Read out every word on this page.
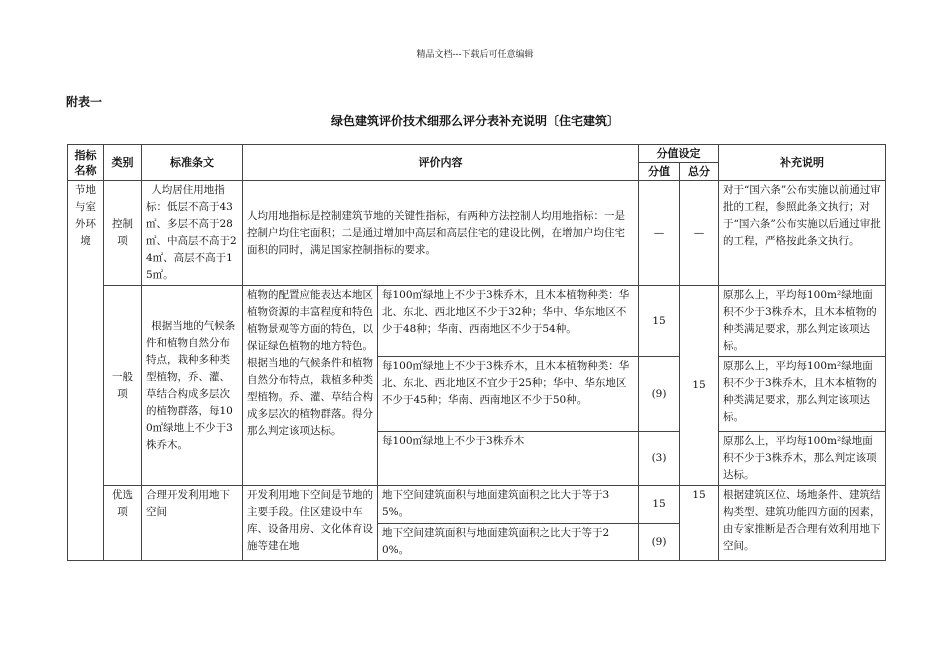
精品文档---下载后可任意编辑
附表一
绿色建筑评价技术细那么评分表补充说明〔住宅建筑〕
指标名称	类别	标准条文	评价内容		分值设定		补充说明
					分值	总分	
节地与室外环境	控制项	人均居住用地指标：低层不高于43㎡、多层不高于28㎡、中高层不高于24㎡、高层不高于15㎡。	人均用地指标是控制建筑节地的关键性指标，有两种方法控制人均用地指标：一是控制户均住宅面积；二是通过增加中高层和高层住宅的建设比例，在增加户均住宅面积的同时，满足国家控制指标的要求。		—	—	对于“国六条”公布实施以前通过审批的工程，参照此条文执行；对于“国六条”公布实施以后通过审批的工程，严格按此条文执行。
	一般项	根据当地的气候条件和植物自然分布特点，栽种多种类型植物，乔、灌、草结合构成多层次的植物群落，每100㎡绿地上不少于3株乔木。	植物的配置应能表达本地区植物资源的丰富程度和特色植物景观等方面的特色，以保证绿色植物的地方特色。根据当地的气候条件和植物自然分布特点，栽植多种类型植物。乔、灌、草结合构成多层次的植物群落。得分那么判定该项达标。	每100㎡绿地上不少于3株乔木，且木本植物种类：华北、东北、西北地区不少于32种；华中、华东地区不少于48种；华南、西南地区不少于54种。	15	15	原那么上，平均每100m²绿地面积不少于3株乔木，且木本植物的种类满足要求，那么判定该项达标。
				每100㎡绿地上不少于3株乔木，且木本植物种类：华北、东北、西北地区不宜少于25种；华中、华东地区不少于45种；华南、西南地区不少于50种。	(9)		原那么上，平均每100m²绿地面积不少于3株乔木，且木本植物的种类满足要求，那么判定该项达标。
				每100㎡绿地上不少于3株乔木	(3)		原那么上，平均每100m²绿地面积不少于3株乔木，那么判定该项达标。
	优选项	合理开发利用地下空间	开发利用地下空间是节地的主要手段。住区建设中车库、设备用房、文化体育设施等建在地	地下空间建筑面积与地面建筑面积之比大于等于35%。	15	15	根据建筑区位、场地条件、建筑结构类型、建筑功能四方面的因素，由专家推断是否合理有效利用地下空间。
				地下空间建筑面积与地面建筑面积之比大于等于20%。	(9)		
